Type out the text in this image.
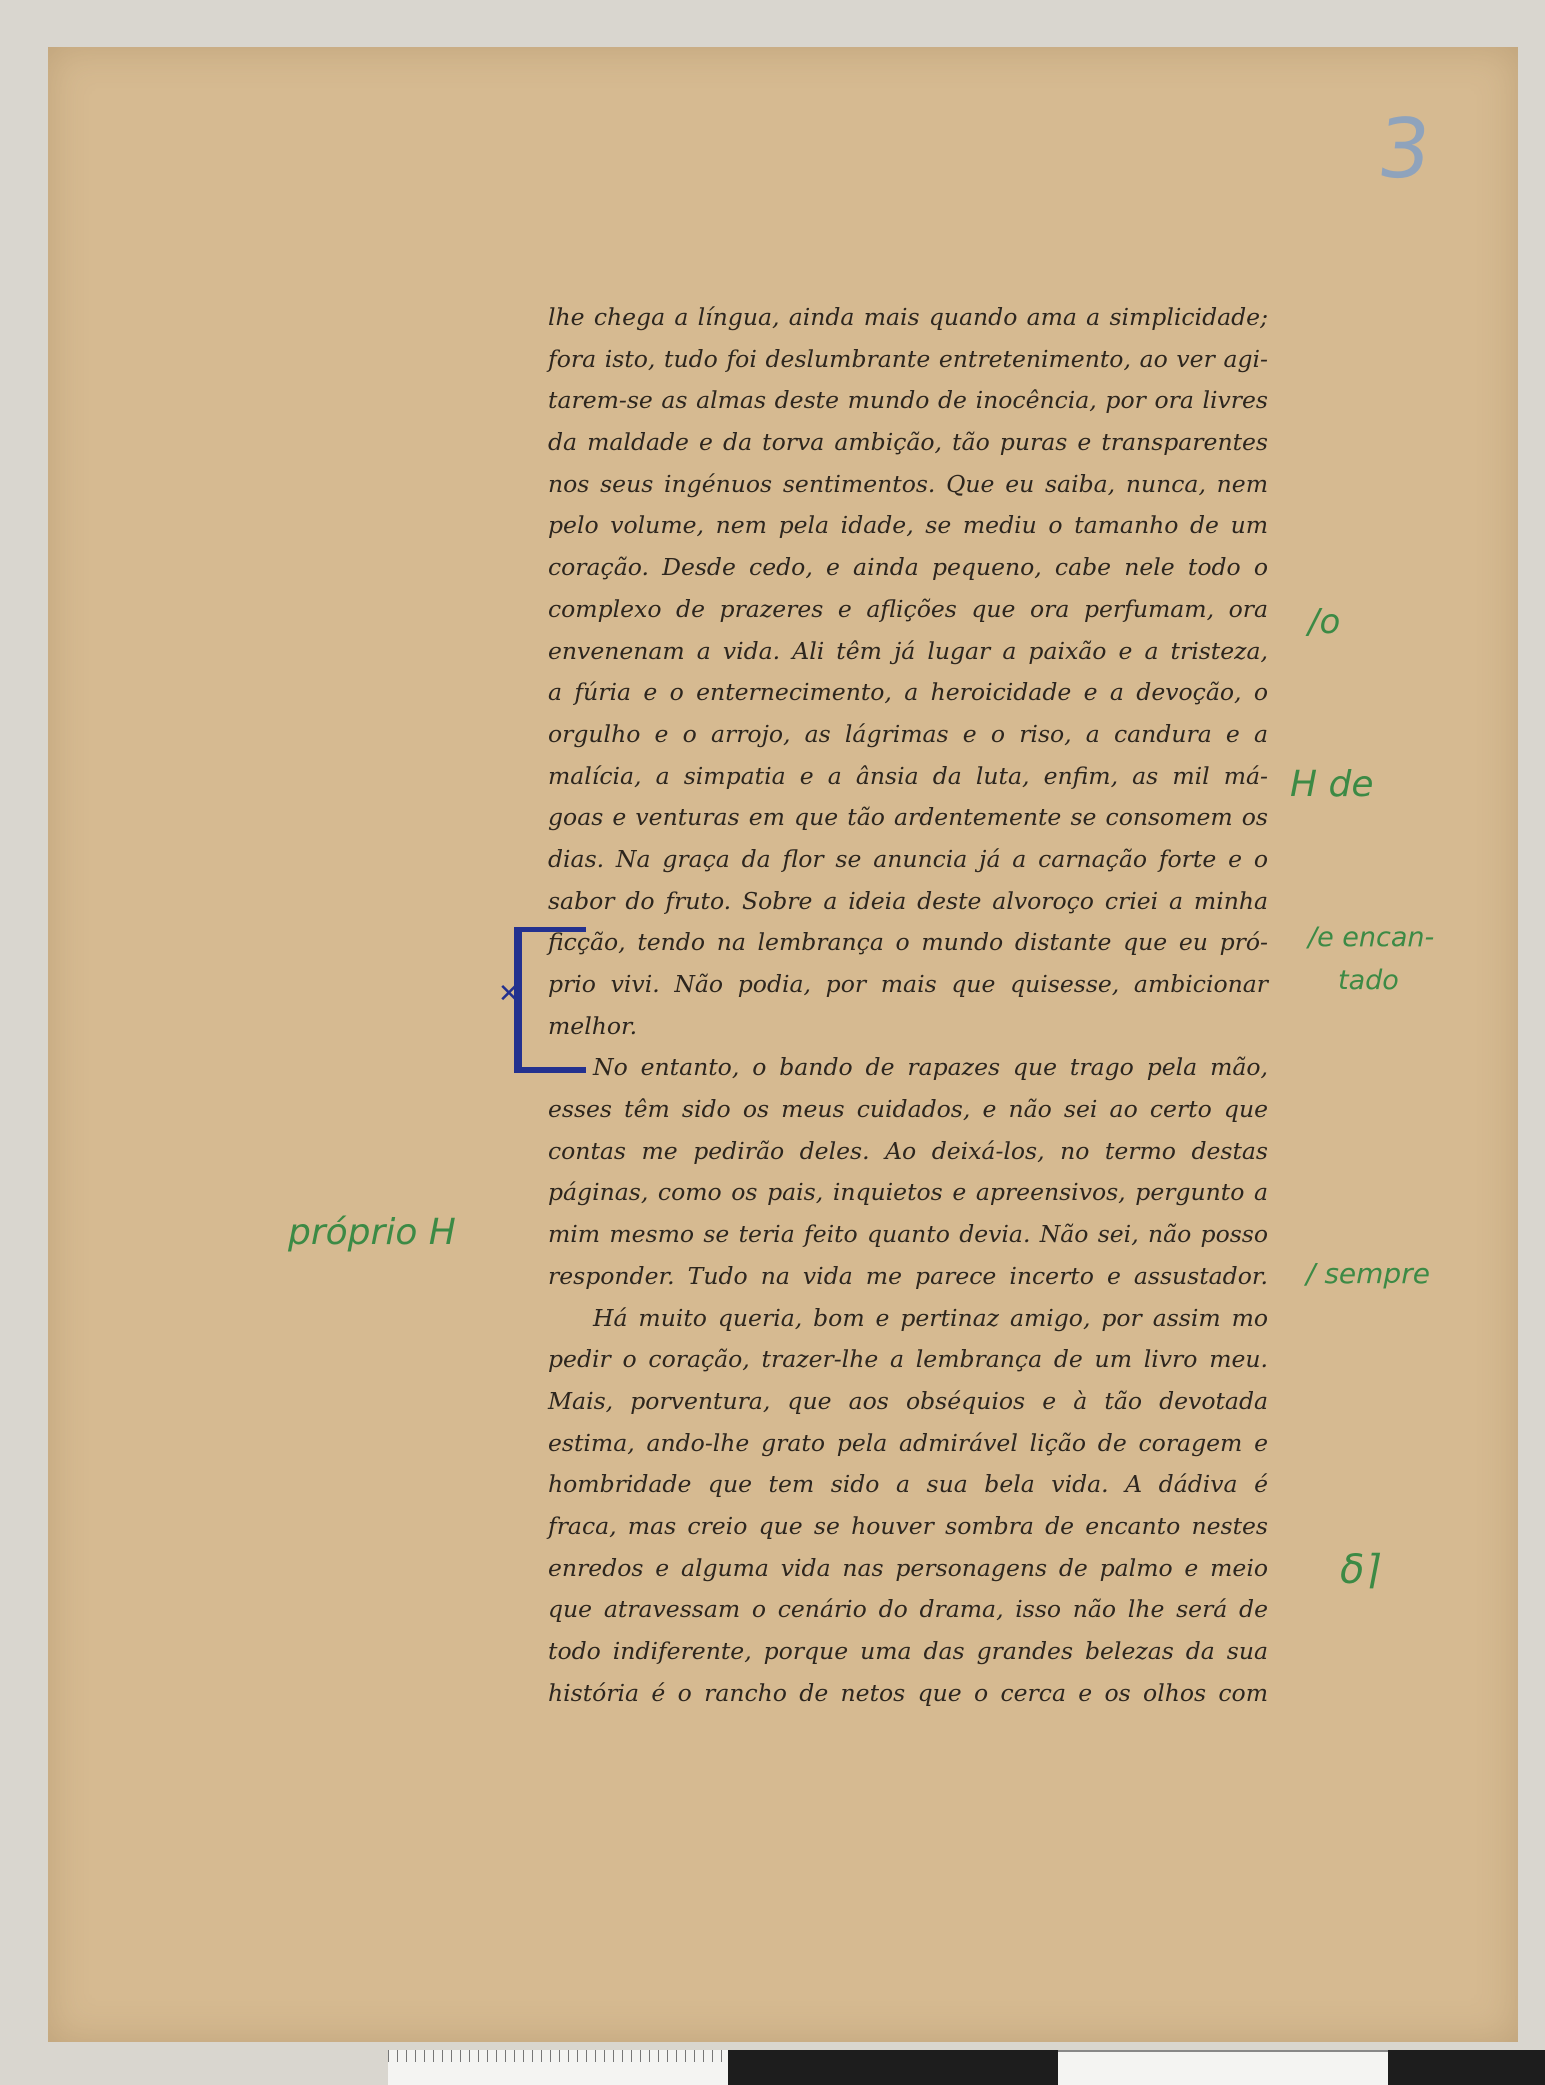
3
lhe chega a língua, ainda mais quando ama a simplicidade;
fora isto, tudo foi deslumbrante entretenimento, ao ver agi-
tarem-se as almas deste mundo de inocência, por ora livres
da maldade e da torva ambição, tão puras e transparentes
nos seus ingénuos sentimentos. Que eu saiba, nunca, nem
pelo volume, nem pela idade, se mediu o tamanho de um
coração. Desde cedo, e ainda pequeno, cabe nele todo o
complexo de prazeres e aflições que ora perfumam, ora
envenenam a vida. Ali têm já lugar a paixão e a tristeza,
a fúria e o enternecimento, a heroicidade e a devoção, o
orgulho e o arrojo, as lágrimas e o riso, a candura e a
malícia, a simpatia e a ânsia da luta, enfim, as mil má-
goas e venturas em que tão ardentemente se consomem os
dias. Na graça da flor se anuncia já a carnação forte e o
sabor do fruto. Sobre a ideia deste alvoroço criei a minha
ficção, tendo na lembrança o mundo distante que eu pró-
prio vivi. Não podia, por mais que quisesse, ambicionar
melhor.
No entanto, o bando de rapazes que trago pela mão,
esses têm sido os meus cuidados, e não sei ao certo que
contas me pedirão deles. Ao deixá-los, no termo destas
páginas, como os pais, inquietos e apreensivos, pergunto a
mim mesmo se teria feito quanto devia. Não sei, não posso
responder. Tudo na vida me parece incerto e assustador.
Há muito queria, bom e pertinaz amigo, por assim mo
pedir o coração, trazer-lhe a lembrança de um livro meu.
Mais, porventura, que aos obséquios e à tão devotada
estima, ando-lhe grato pela admirável lição de coragem e
hombridade que tem sido a sua bela vida. A dádiva é
fraca, mas creio que se houver sombra de encanto nestes
enredos e alguma vida nas personagens de palmo e meio
que atravessam o cenário do drama, isso não lhe será de
todo indiferente, porque uma das grandes belezas da sua
história é o rancho de netos que o cerca e os olhos com
✕
/o
H de
/e encan-
tado
próprio H
/ sempre
δ⌉
